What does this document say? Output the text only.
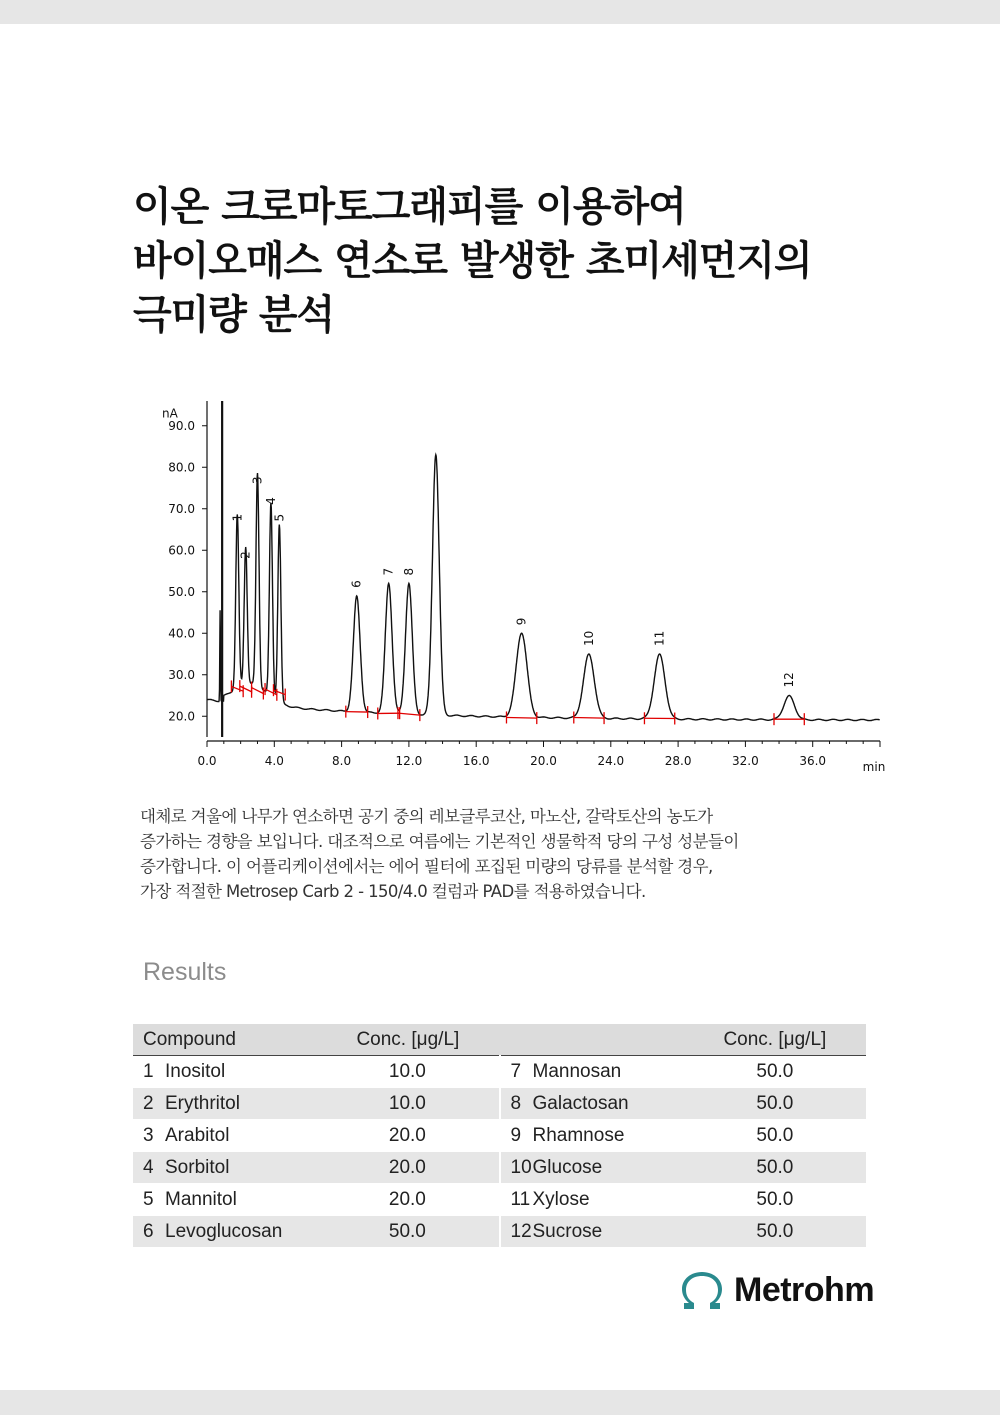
이온 크로마토그래피를 이용하여
바이오매스 연소로 발생한 초미세먼지의
극미량 분석
20.0
30.0
40.0
50.0
60.0
70.0
80.0
90.0
nA
0.0	4.0	8.0	12.0	16.0	20.0	24.0	28.0	32.0	36.0	min
1
2
3
4
5
6
7 8
9
10	11
12
대체로 겨울에 나무가 연소하면 공기 중의 레보글루코산, 마노산, 갈락토산의 농도가
증가하는 경향을 보입니다. 대조적으로 여름에는 기본적인 생물학적 당의 구성 성분들이
증가합니다. 이 어플리케이션에서는 에어 필터에 포집된 미량의 당류를 분석할 경우,
가장 적절한 Metrosep Carb 2 - 150/4.0 컬럼과 PAD를 적용하였습니다.
Results
Compound	Conc. [μg/L]		Conc. [μg/L]
1 Inositol	10.0	7 Mannosan	50.0
2 Erythritol	10.0	8 Galactosan	50.0
3 Arabitol	20.0	9 Rhamnose	50.0
4 Sorbitol	20.0	10Glucose	50.0
5 Mannitol	20.0	11 Xylose	50.0
6 Levoglucosan	50.0	12Sucrose	50.0
Metrohm
